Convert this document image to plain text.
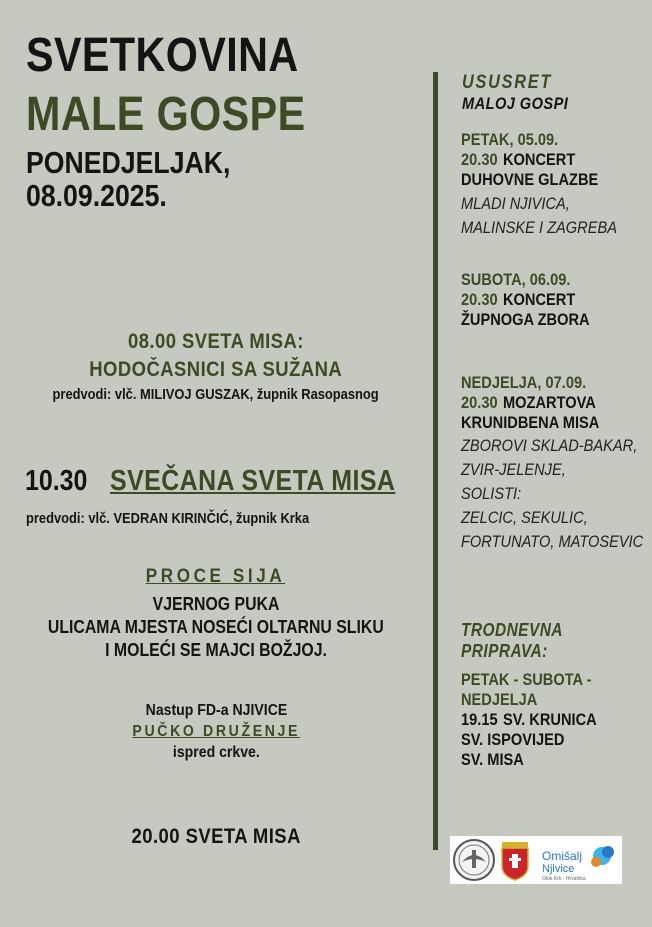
SVETKOVINA
MALE GOSPE
PONEDJELJAK,
08.09.2025.
08.00 SVETA MISA:
HODOČASNICI SA SUŽANA
predvodi: vlč. MILIVOJ GUSZAK, župnik Rasopasnog
10.30 SVEČANA SVETA MISA
predvodi: vlč. VEDRAN KIRINČIĆ, župnik Krka
PROCE SIJA
VJERNOG PUKA
ULICAMA MJESTA NOSEĆI OLTARNU SLIKU
I MOLEĆI SE MAJCI BOŽJOJ.
Nastup FD-a NJIVICE
PUČKO DRUŽENJE
ispred crkve.
20.00 SVETA MISA
USUSRET
MALOJ GOSPI
PETAK, 05.09.
20.30 KONCERT
DUHOVNE GLAZBE
MLADI NJIVICA,
MALINSKE I ZAGREBA
SUBOTA, 06.09.
20.30 KONCERT
ŽUPNOGA ZBORA
NEDJELJA, 07.09.
20.30 MOZARTOVA
KRUNIDBENA MISA
ZBOROVI SKLAD-BAKAR,
ZVIR-JELENJE,
SOLISTI:
ZELCIC, SEKULIC,
FORTUNATO, MATOSEVIC
TRODNEVNA
PRIPRAVA:
PETAK - SUBOTA -
NEDJELJA
19.15 SV. KRUNICA
SV. ISPOVIJED
SV. MISA
Omišalj
Njivice
Otok Krk · Hrvatska
